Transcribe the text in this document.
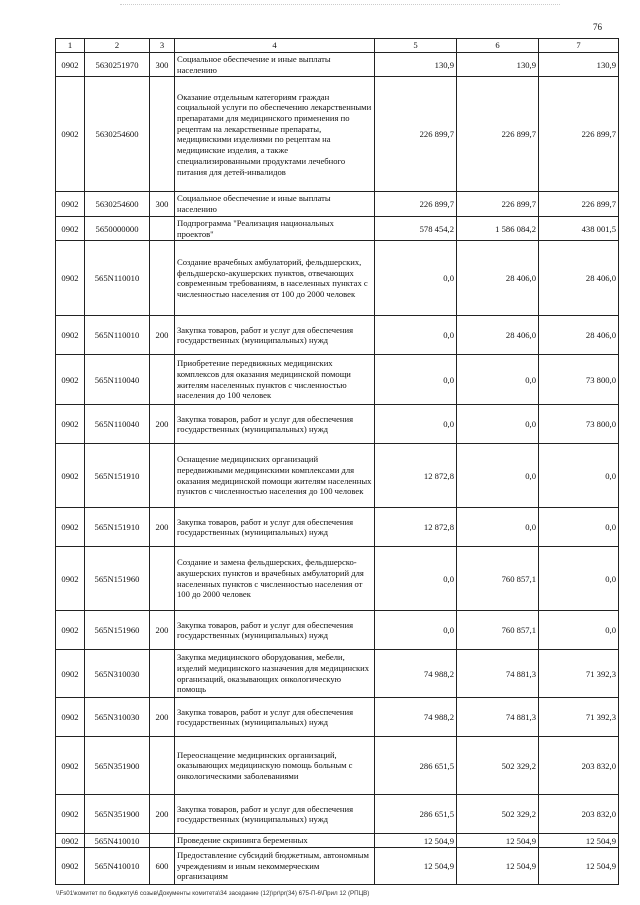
76
1	2	3	4	5	6	7
0902	5630251970	300	Социальное обеспечение и иные выплаты населению	130,9	130,9	130,9
0902	5630254600		Оказание отдельным категориям граждан социальной услуги по обеспечению лекарственными препаратами для медицинского применения по рецептам на лекарственные препараты, медицинскими изделиями по рецептам на медицинские изделия, а также специализированными продуктами лечебного питания для детей-инвалидов	226 899,7	226 899,7	226 899,7
0902	5630254600	300	Социальное обеспечение и иные выплаты населению	226 899,7	226 899,7	226 899,7
0902	5650000000		Подпрограмма "Реализация национальных проектов"	578 454,2	1 586 084,2	438 001,5
0902	565N110010		Создание врачебных амбулаторий, фельдшерских, фельдшерско-акушерских пунктов, отвечающих современным требованиям, в населенных пунктах с численностью населения от 100 до 2000 человек	0,0	28 406,0	28 406,0
0902	565N110010	200	Закупка товаров, работ и услуг для обеспечения государственных (муниципальных) нужд	0,0	28 406,0	28 406,0
0902	565N110040		Приобретение передвижных медицинских комплексов для оказания медицинской помощи жителям населенных пунктов с численностью населения до 100 человек	0,0	0,0	73 800,0
0902	565N110040	200	Закупка товаров, работ и услуг для обеспечения государственных (муниципальных) нужд	0,0	0,0	73 800,0
0902	565N151910		Оснащение медицинских организаций передвижными медицинскими комплексами для оказания медицинской помощи жителям населенных пунктов с численностью населения до 100 человек	12 872,8	0,0	0,0
0902	565N151910	200	Закупка товаров, работ и услуг для обеспечения государственных (муниципальных) нужд	12 872,8	0,0	0,0
0902	565N151960		Создание и замена фельдшерских, фельдшерско-акушерских пунктов и врачебных амбулаторий для населенных пунктов с численностью населения от 100 до 2000 человек	0,0	760 857,1	0,0
0902	565N151960	200	Закупка товаров, работ и услуг для обеспечения государственных (муниципальных) нужд	0,0	760 857,1	0,0
0902	565N310030		Закупка медицинского оборудования, мебели, изделий медицинского назначения для медицинских организаций, оказывающих онкологическую помощь	74 988,2	74 881,3	71 392,3
0902	565N310030	200	Закупка товаров, работ и услуг для обеспечения государственных (муниципальных) нужд	74 988,2	74 881,3	71 392,3
0902	565N351900		Переоснащение медицинских организаций, оказывающих медицинскую помощь больным с онкологическими заболеваниями	286 651,5	502 329,2	203 832,0
0902	565N351900	200	Закупка товаров, работ и услуг для обеспечения государственных (муниципальных) нужд	286 651,5	502 329,2	203 832,0
0902	565N410010		Проведение скрининга беременных	12 504,9	12 504,9	12 504,9
0902	565N410010	600	Предоставление субсидий бюджетным, автономным учреждениям и иным некоммерческим организациям	12 504,9	12 504,9	12 504,9
\\Fs01\комитет по бюджету\6 созыв\Документы комитета\34 заседание (12)\pr\pr(34) 675-П-6\Прил 12 (РПЦВ)
